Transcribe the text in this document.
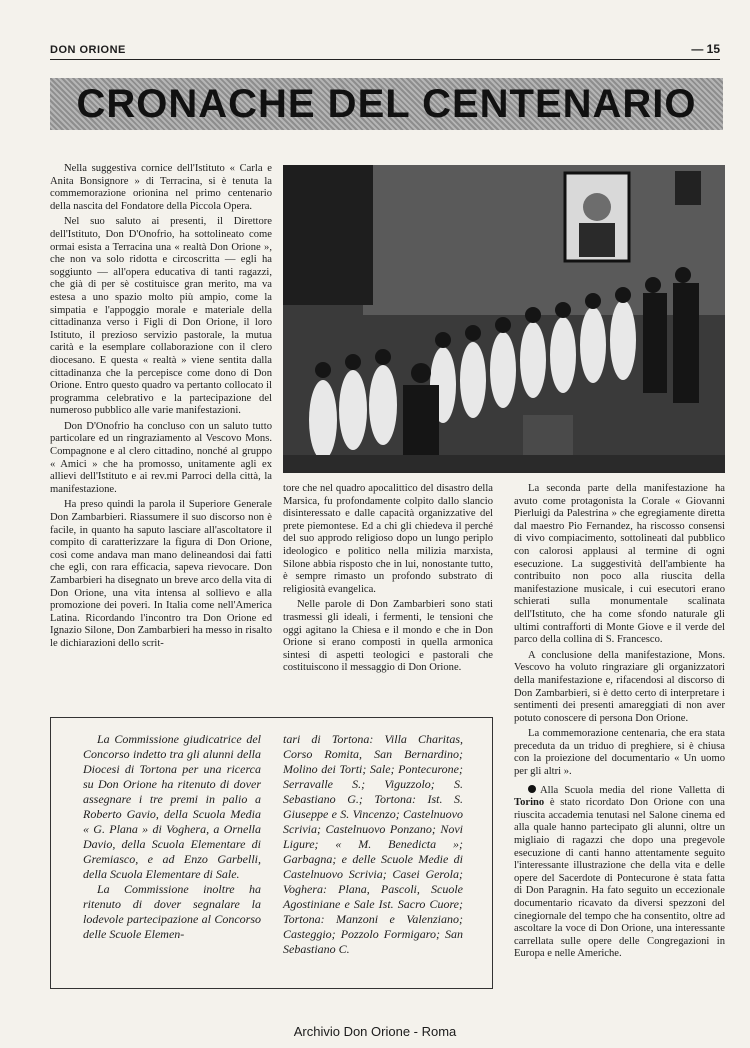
DON ORIONE	— 15
CRONACHE DEL CENTENARIO

Nella suggestiva cornice dell'Istituto « Carla e Anita Bonsignore » di Terracina, si è tenuta la commemorazione orionina nel primo centenario della nascita del Fondatore della Piccola Opera.

Nel suo saluto ai presenti, il Direttore dell'Istituto, Don D'Onofrio, ha sottolineato come ormai esista a Terracina una « realtà Don Orione », che non va solo ridotta e circoscritta — egli ha soggiunto — all'opera educativa di tanti ragazzi, che già di per sè costituisce gran merito, ma va estesa a uno spazio molto più ampio, come la simpatia e l'appoggio morale e materiale della cittadinanza verso i Figli di Don Orione, il loro Istituto, il prezioso servizio pastorale, la mutua carità e la esemplare collaborazione con il clero diocesano. E questa « realtà » viene sentita dalla cittadinanza che la percepisce come dono di Don Orione. Entro questo quadro va pertanto collocato il programma celebrativo e la partecipazione del numeroso pubblico alle varie manifestazioni.

Don D'Onofrio ha concluso con un saluto tutto particolare ed un ringraziamento al Vescovo Mons. Compagnone e al clero cittadino, nonché al gruppo « Amici » che ha promosso, unitamente agli ex allievi dell'Istituto e ai rev.mi Parroci della città, la manifestazione.

Ha preso quindi la parola il Superiore Generale Don Zambarbieri. Riassumere il suo discorso non è facile, in quanto ha saputo lasciare all'ascoltatore il compito di caratterizzare la figura di Don Orione, così come andava man mano delineandosi dai fatti che egli, con rara efficacia, sapeva rievocare. Don Zambarbieri ha disegnato un breve arco della vita di Don Orione, una vita intensa al sollievo e alla promozione dei poveri. In Italia come nell'America Latina. Ricordando l'incontro tra Don Orione ed Ignazio Silone, Don Zambarbieri ha messo in risalto le dichiarazioni dello scrit-

tore che nel quadro apocalittico del disastro della Marsica, fu profondamente colpito dallo slancio disinteressato e dalle capacità organizzative del prete piemontese. Ed a chi gli chiedeva il perché del suo approdo religioso dopo un lungo periplo ideologico e politico nella milizia marxista, Silone abbia risposto che in lui, nonostante tutto, è sempre rimasto un profondo substrato di religiosità evangelica.

Nelle parole di Don Zambarbieri sono stati trasmessi gli ideali, i fermenti, le tensioni che oggi agitano la Chiesa e il mondo e che in Don Orione si erano composti in quella armonica sintesi di aspetti teologici e pastorali che costituiscono il messaggio di Don Orione.

La seconda parte della manifestazione ha avuto come protagonista la Corale « Giovanni Pierluigi da Palestrina » che egregiamente diretta dal maestro Pio Fernandez, ha riscosso consensi di vivo compiacimento, sottolineati dal pubblico con calorosi applausi al termine di ogni esecuzione. La suggestività dell'ambiente ha contribuito non poco alla riuscita della manifestazione musicale, i cui esecutori erano schierati sulla monumentale scalinata dell'Istituto, che ha come sfondo naturale gli ultimi contrafforti di Monte Giove e il verde del parco della collina di S. Francesco.

A conclusione della manifestazione, Mons. Vescovo ha voluto ringraziare gli organizzatori della manifestazione e, rifacendosi al discorso di Don Zambarbieri, si è detto certo di interpretare i sentimenti dei presenti amareggiati di non aver potuto conoscere di persona Don Orione.

La commemorazione centenaria, che era stata preceduta da un triduo di preghiere, si è chiusa con la proiezione del documentario « Un uomo per gli altri ».

Alla Scuola media del rione Valletta di Torino è stato ricordato Don Orione con una riuscita accademia tenutasi nel Salone cinema ed alla quale hanno partecipato gli alunni, oltre un migliaio di ragazzi che dopo una pregevole esecuzione di canti hanno attentamente seguito l'interessante illustrazione che della vita e delle opere del Sacerdote di Pontecurone è stata fatta di Don Paragnin. Ha fato seguito un eccezionale documentario ricavato da diversi spezzoni del cinegiornale del tempo che ha consentito, oltre ad ascoltare la voce di Don Orione, una interessante carrellata sulle opere delle Congregazioni in Europa e nelle Americhe.

La Commissione giudicatrice del Concorso indetto tra gli alunni della Diocesi di Tortona per una ricerca su Don Orione ha ritenuto di dover assegnare i tre premi in palio a Roberto Gavio, della Scuola Media « G. Plana » di Voghera, a Ornella Davio, della Scuola Elementare di Gremiasco, e ad Enzo Garbelli, della Scuola Elementare di Sale.

La Commissione inoltre ha ritenuto di dover segnalare la lodevole partecipazione al Concorso delle Scuole Elemen-

tari di Tortona: Villa Charitas, Corso Romita, San Bernardino; Molino dei Torti; Sale; Pontecurone; Serravalle S.; Viguzzolo; S. Sebastiano G.; Tortona: Ist. S. Giuseppe e S. Vincenzo; Castelnuovo Scrivia; Castelnuovo Ponzano; Novi Ligure; « M. Benedicta »; Garbagna; e delle Scuole Medie di Castelnuovo Scrivia; Casei Gerola; Voghera: Plana, Pascoli, Scuole Agostiniane e Sale Ist. Sacro Cuore; Tortona: Manzoni e Valenziano; Casteggio; Pozzolo Formigaro; San Sebastiano C.

Archivio Don Orione - Roma
